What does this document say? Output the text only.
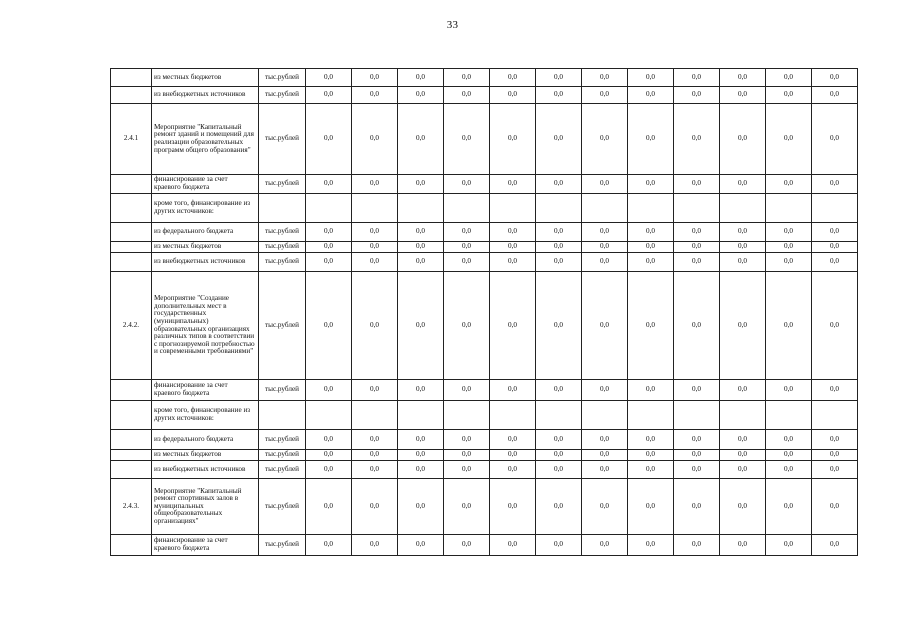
33
	из местных бюджетов	тыс.рублей	0,0	0,0	0,0	0,0	0,0	0,0	0,0	0,0	0,0	0,0	0,0	0,0
	из внебюджетных источников	тыс.рублей	0,0	0,0	0,0	0,0	0,0	0,0	0,0	0,0	0,0	0,0	0,0	0,0
2.4.1	Мероприятие "Капитальный ремонт зданий и помещений для реализации образовательных программ общего образования"	тыс.рублей	0,0	0,0	0,0	0,0	0,0	0,0	0,0	0,0	0,0	0,0	0,0	0,0
	финансирование за счет краевого бюджета	тыс.рублей	0,0	0,0	0,0	0,0	0,0	0,0	0,0	0,0	0,0	0,0	0,0	0,0
	кроме того, финансирование из других источников:													
	из федерального бюджета	тыс.рублей	0,0	0,0	0,0	0,0	0,0	0,0	0,0	0,0	0,0	0,0	0,0	0,0
	из местных бюджетов	тыс.рублей	0,0	0,0	0,0	0,0	0,0	0,0	0,0	0,0	0,0	0,0	0,0	0,0
	из внебюджетных источников	тыс.рублей	0,0	0,0	0,0	0,0	0,0	0,0	0,0	0,0	0,0	0,0	0,0	0,0
2.4.2.	Мероприятие "Создание дополнительных мест в государственных (муниципальных) образовательных организациях различных типов в соответствии с прогнозируемой потребностью и современными требованиями"	тыс.рублей	0,0	0,0	0,0	0,0	0,0	0,0	0,0	0,0	0,0	0,0	0,0	0,0
	финансирование за счет краевого бюджета	тыс.рублей	0,0	0,0	0,0	0,0	0,0	0,0	0,0	0,0	0,0	0,0	0,0	0,0
	кроме того, финансирование из других источников:													
	из федерального бюджета	тыс.рублей	0,0	0,0	0,0	0,0	0,0	0,0	0,0	0,0	0,0	0,0	0,0	0,0
	из местных бюджетов	тыс.рублей	0,0	0,0	0,0	0,0	0,0	0,0	0,0	0,0	0,0	0,0	0,0	0,0
	из внебюджетных источников	тыс.рублей	0,0	0,0	0,0	0,0	0,0	0,0	0,0	0,0	0,0	0,0	0,0	0,0
2.4.3.	Мероприятие "Капитальный ремонт спортивных залов в муниципальных общеобразовательных организациях"	тыс.рублей	0,0	0,0	0,0	0,0	0,0	0,0	0,0	0,0	0,0	0,0	0,0	0,0
	финансирование за счет краевого бюджета	тыс.рублей	0,0	0,0	0,0	0,0	0,0	0,0	0,0	0,0	0,0	0,0	0,0	0,0
